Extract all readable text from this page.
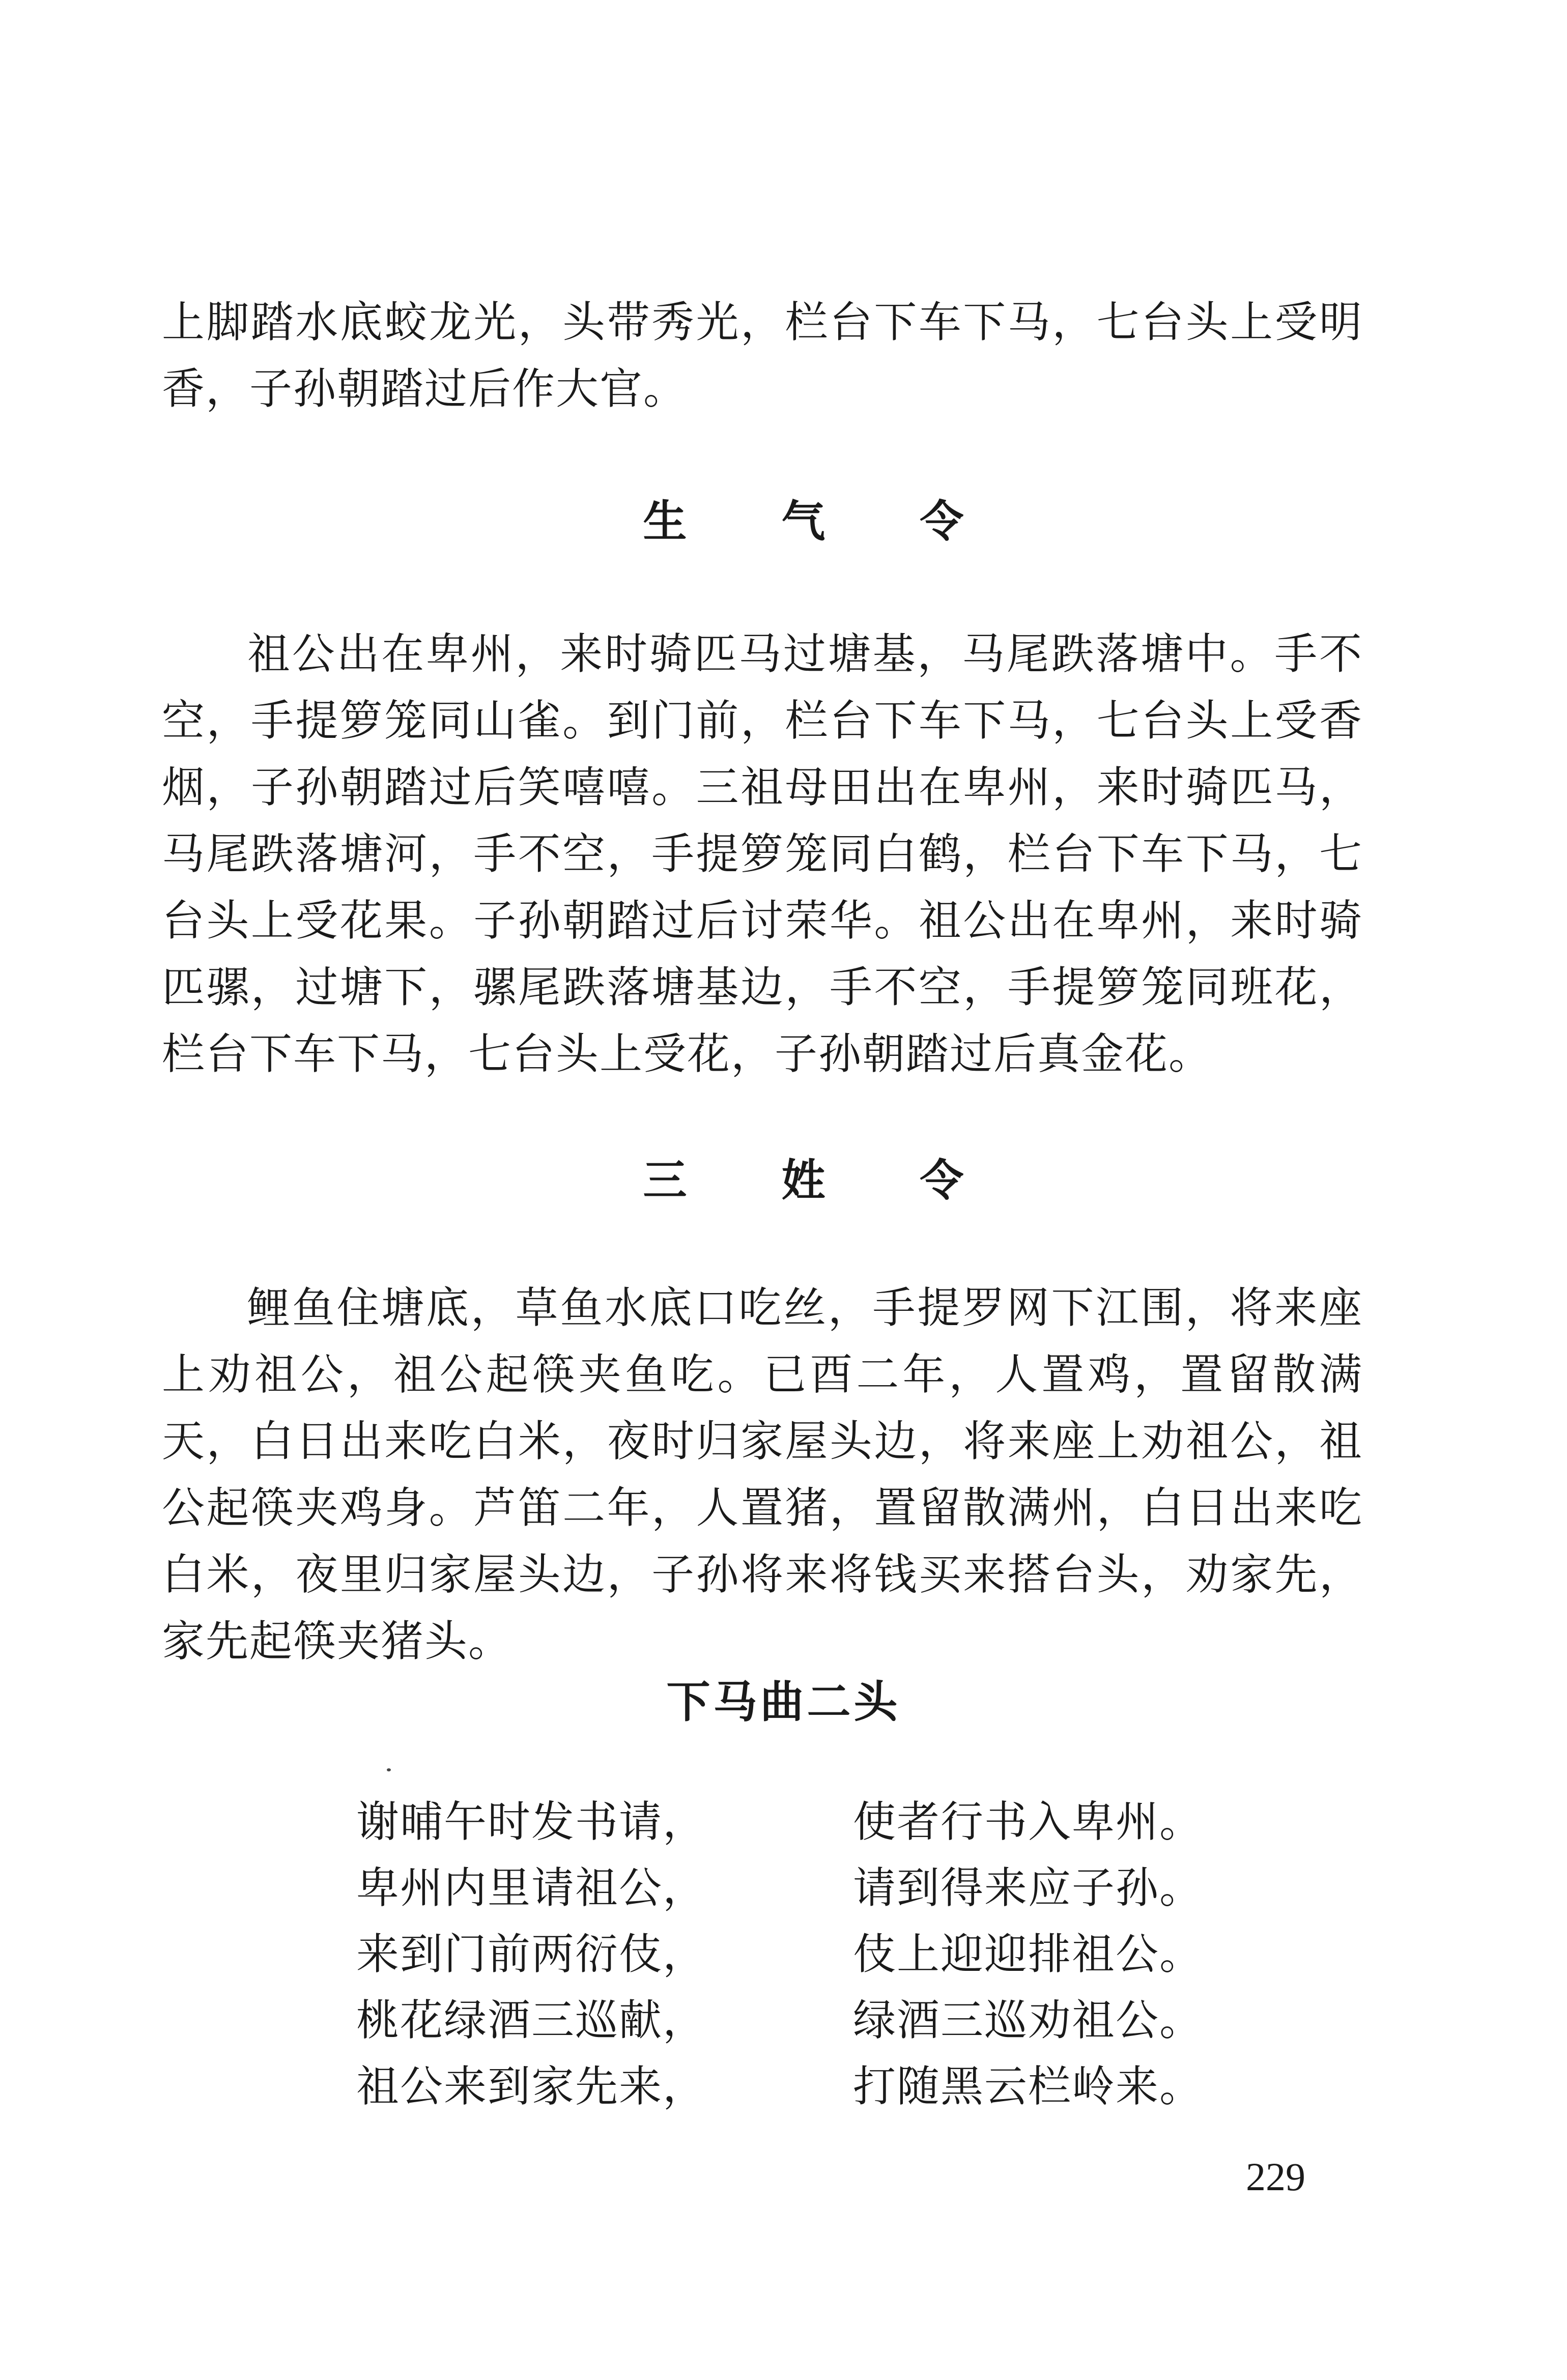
上脚踏水底蛟龙光，头带秀光，栏台下车下马，七台头上受明香，子孙朝踏过后作大官。

生 气 令

祖公出在卑州，来时骑匹马过塘基，马尾跌落塘中。手不空，手提箩笼同山雀。到门前，栏台下车下马，七台头上受香烟，子孙朝踏过后笑嘻嘻。三祖母田出在卑州，来时骑匹马，马尾跌落塘河，手不空，手提箩笼同白鹤，栏台下车下马，七台头上受花果。子孙朝踏过后讨荣华。祖公出在卑州，来时骑匹骡，过塘下，骡尾跌落塘基边，手不空，手提箩笼同班花，栏台下车下马，七台头上受花，子孙朝踏过后真金花。

三 姓 令

鲤鱼住塘底，草鱼水底口吃丝，手提罗网下江围，将来座上劝祖公，祖公起筷夹鱼吃。已酉二年，人置鸡，置留散满天，白日出来吃白米，夜时归家屋头边，将来座上劝祖公，祖公起筷夹鸡身。芦笛二年，人置猪，置留散满州，白日出来吃白米，夜里归家屋头边，子孙将来将钱买来搭台头，劝家先，家先起筷夹猪头。

下马曲二头
谢晡午时发书请，	使者行书入卑州。
卑州内里请祖公，	请到得来应子孙。
来到门前两衍伎，	伎上迎迎排祖公。
桃花绿酒三巡献，	绿酒三巡劝祖公。
祖公来到家先来，	打随黑云栏岭来。
229
